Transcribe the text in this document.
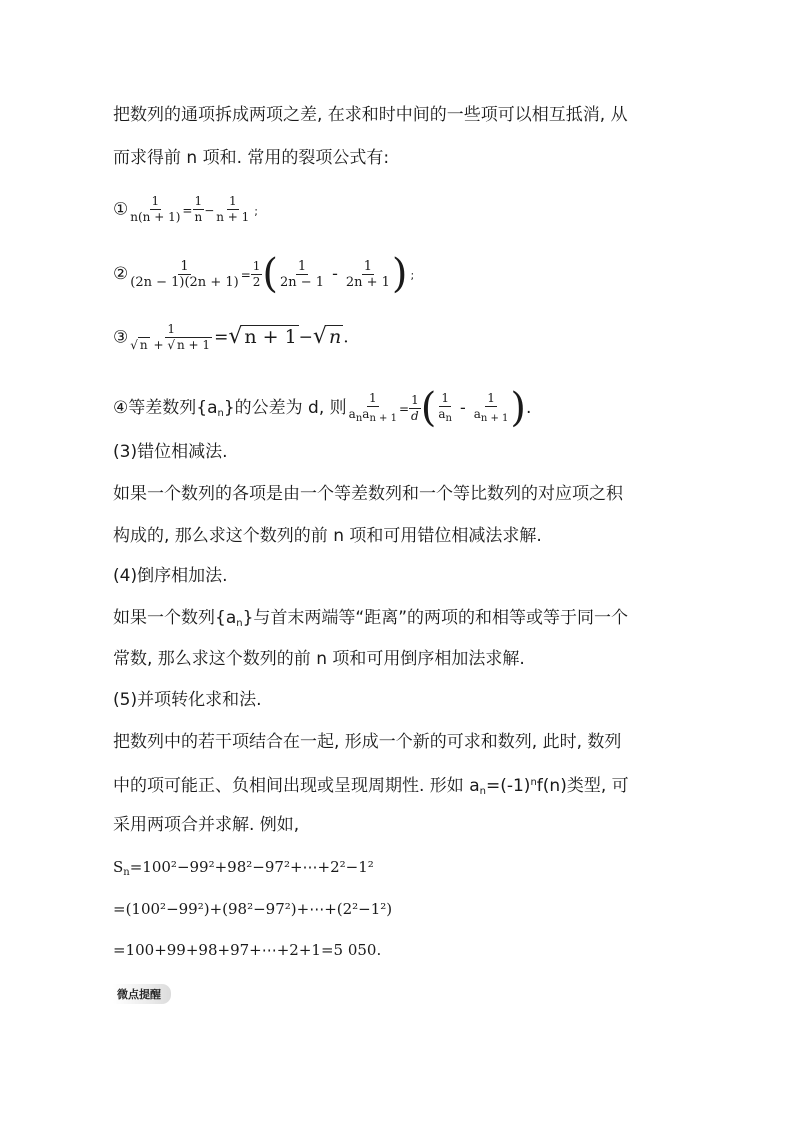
把数列的通项拆成两项之差, 在求和时中间的一些项可以相互抵消, 从
而求得前 n 项和. 常用的裂项公式有:
① $\frac{1}{n(n + 1)} = \frac{1}{n} - \frac{1}{n + 1}$ ;
② $\frac{1}{(2n - 1)(2n + 1)} = \frac{1}{2}$ ( $\frac{1}{2n - 1} - \frac{1}{2n + 1}$ ) ;
③ $\frac{1}{√ n + √ n + 1}$ =√ n + 1 −√ n .
④等差数列$\{a_n\}$的公差为 d, 则 $\frac{1}{a_na_{n + 1}} = \frac{1}{d}$ ( $\frac{1}{a_n} - \frac{1}{a_{n + 1}}$ ).
(3)错位相减法.
如果一个数列的各项是由一个等差数列和一个等比数列的对应项之积
构成的, 那么求这个数列的前 n 项和可用错位相减法求解.
(4)倒序相加法.
如果一个数列$\{a_n\}$与首末两端等“距离”的两项的和相等或等于同一个
常数, 那么求这个数列的前 n 项和可用倒序相加法求解.
(5)并项转化求和法.
把数列中的若干项结合在一起, 形成一个新的可求和数列, 此时, 数列
中的项可能正、负相间出现或呈现周期性. 形如 $a_n=(-1)^nf(n)$类型, 可
采用两项合并求解. 例如,
$S_n=100^2-99^2+98^2-97^2+\cdots+2^2-1^2$
=(100²−99²)+(98²−97²)+⋯+(2²−1²)
=100+99+98+97+⋯+2+1=5 050.
微点提醒
